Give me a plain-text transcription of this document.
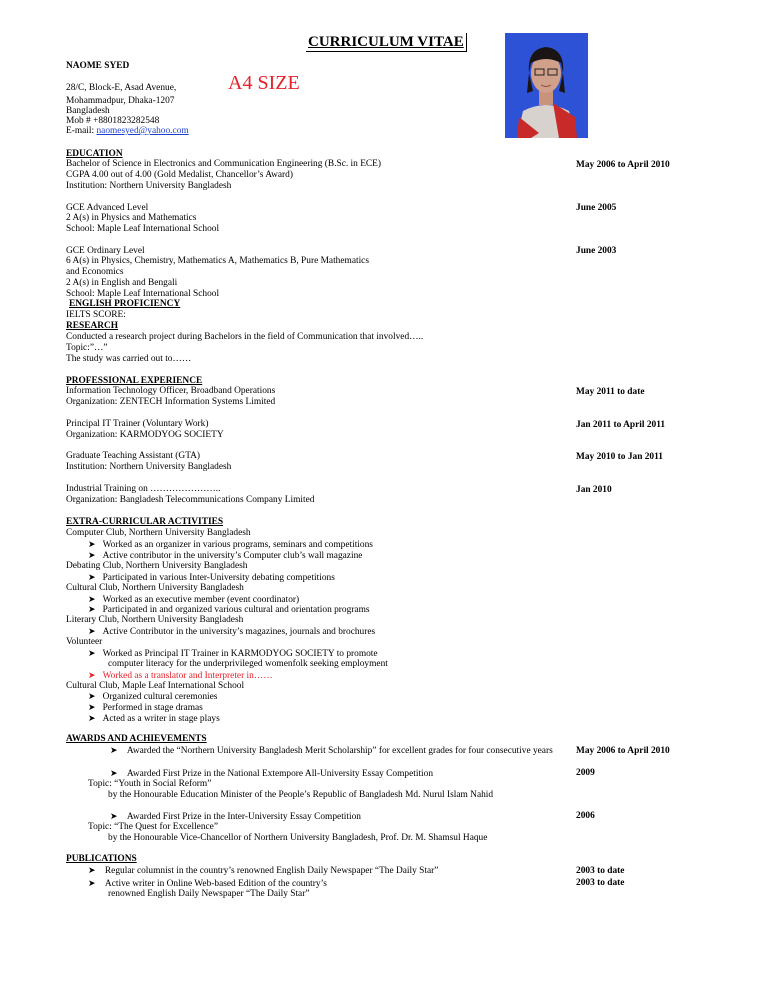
CURRICULUM VITAE
NAOME SYED
A4 SIZE
28/C, Block-E, Asad Avenue,
Mohammadpur, Dhaka-1207
Bangladesh
Mob # +8801823282548
E-mail: naomesyed@yahoo.com
EDUCATION
Bachelor of Science in Electronics and Communication Engineering (B.Sc. in ECE)
CGPA 4.00 out of 4.00 (Gold Medalist, Chancellor’s Award)
Institution: Northern University Bangladesh
May 2006 to April 2010
GCE Advanced Level
2 A(s) in Physics and Mathematics
School: Maple Leaf International School
June 2005
GCE Ordinary Level
6 A(s) in Physics, Chemistry, Mathematics A, Mathematics B, Pure Mathematics
and Economics
2 A(s) in English and Bengali
School: Maple Leaf International School
June 2003
ENGLISH PROFICIENCY
IELTS SCORE:
RESEARCH
Conducted a research project during Bachelors in the field of Communication that involved…..
Topic:”…”
The study was carried out to……
PROFESSIONAL EXPERIENCE
Information Technology Officer, Broadband Operations
Organization: ZENTECH Information Systems Limited
May 2011 to date
Principal IT Trainer (Voluntary Work)
Organization: KARMODYOG SOCIETY
Jan 2011 to April 2011
Graduate Teaching Assistant (GTA)
Institution: Northern University Bangladesh
May 2010 to Jan 2011
Industrial Training on …………………..
Organization: Bangladesh Telecommunications Company Limited
Jan 2010
EXTRA-CURRICULAR ACTIVITIES
Computer Club, Northern University Bangladesh
➤ Worked as an organizer in various programs, seminars and competitions
➤ Active contributor in the university’s Computer club’s wall magazine
Debating Club, Northern University Bangladesh
➤ Participated in various Inter-University debating competitions
Cultural Club, Northern University Bangladesh
➤ Worked as an executive member (event coordinator)
➤ Participated in and organized various cultural and orientation programs
Literary Club, Northern University Bangladesh
➤ Active Contributor in the university’s magazines, journals and brochures
Volunteer
➤ Worked as Principal IT Trainer in KARMODYOG SOCIETY to promote
computer literacy for the underprivileged womenfolk seeking employment
➤ Worked as a translator and Interpreter in……
Cultural Club, Maple Leaf International School
➤ Organized cultural ceremonies
➤ Performed in stage dramas
➤ Acted as a writer in stage plays
AWARDS AND ACHIEVEMENTS
➤ Awarded the “Northern University Bangladesh Merit Scholarship” for excellent grades for four consecutive years May 2006 to April 2010
➤ Awarded First Prize in the National Extempore All-University Essay Competition
Topic: “Youth in Social Reform”
by the Honourable Education Minister of the People’s Republic of Bangladesh Md. Nurul Islam Nahid
2009
➤ Awarded First Prize in the Inter-University Essay Competition
Topic: “The Quest for Excellence”
by the Honourable Vice-Chancellor of Northern University Bangladesh, Prof. Dr. M. Shamsul Haque
2006
PUBLICATIONS
➤ Regular columnist in the country’s renowned English Daily Newspaper “The Daily Star”	2003 to date
➤ Active writer in Online Web-based Edition of the country’s
renowned English Daily Newspaper “The Daily Star”
2003 to date
